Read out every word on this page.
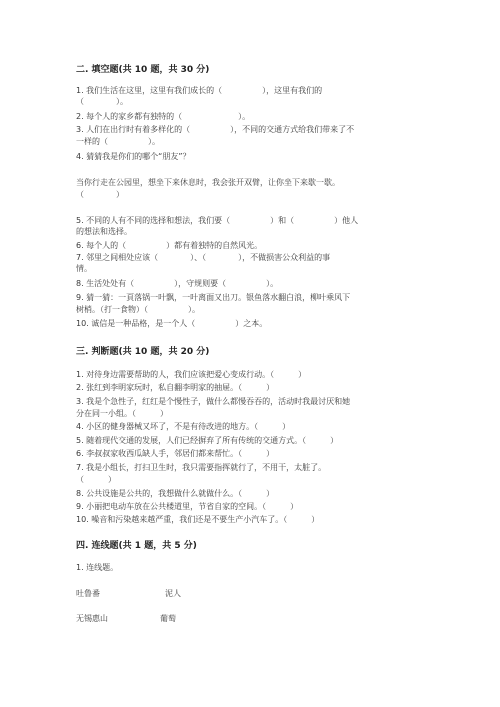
二. 填空题(共 10 题，共 30 分)
1. 我们生活在这里，这里有我们成长的（　　　　　），这里有我们的
（　　　　）。
2. 每个人的家乡都有独特的（　　　　　　　）。
3. 人们在出行时有着多样化的（　　　　　），不同的交通方式给我们带来了不
一样的（　　　　　）。
4. 猜猜我是你们的哪个“朋友”？
当你行走在公园里，想坐下来休息时，我会张开双臂，让你坐下来歇一歇。
（　　　　）
5. 不同的人有不同的选择和想法，我们要（　　　　　）和（　　　　　）他人
的想法和选择。
6. 每个人的（　　　　　）都有着独特的自然风光。
7. 邻里之间相处应该（　　　　）、（　　　　），不做损害公众利益的事
情。
8. 生活处处有（　　　　　），守规则要（　　　　　）。
9. 猜一猜：一頁落锅一叶飘，一叶离面又出刀。银鱼落水翻白浪，柳叶乘风下
树梢。（打一食物）（　　　　　）。
10. 诚信是一种品格，是一个人（　　　　　）之本。
三. 判断题(共 10 题，共 20 分)
1. 对待身边需要帮助的人，我们应该把爱心变成行动。（　　　）
2. 张红到李明家玩时，私自翻李明家的抽屉。（　　　）
3. 我是个急性子，红红是个慢性子，做什么都慢吞吞的，活动时我最讨厌和她
分在同一小组。（　　　）
4. 小区的健身器械又坏了，不是有待改进的地方。（　　　）
5. 随着现代交通的发展，人们已经摒弃了所有传统的交通方式。（　　　）
6. 李叔叔家收西瓜缺人手，邻居们都来帮忙。（　　　）
7. 我是小组长，打扫卫生时，我只需要指挥就行了，不用干，太脏了。
（　　　）
8. 公共设施是公共的，我想做什么就做什么。（　　　）
9. 小丽把电动车放在公共楼道里，节省自家的空间。（　　　）
10. 噪音和污染越来越严重，我们还是不要生产小汽车了。（　　　）
四. 连线题(共 1 题，共 5 分)
1. 连线题。
吐鲁番	泥人
无锡惠山	葡萄
